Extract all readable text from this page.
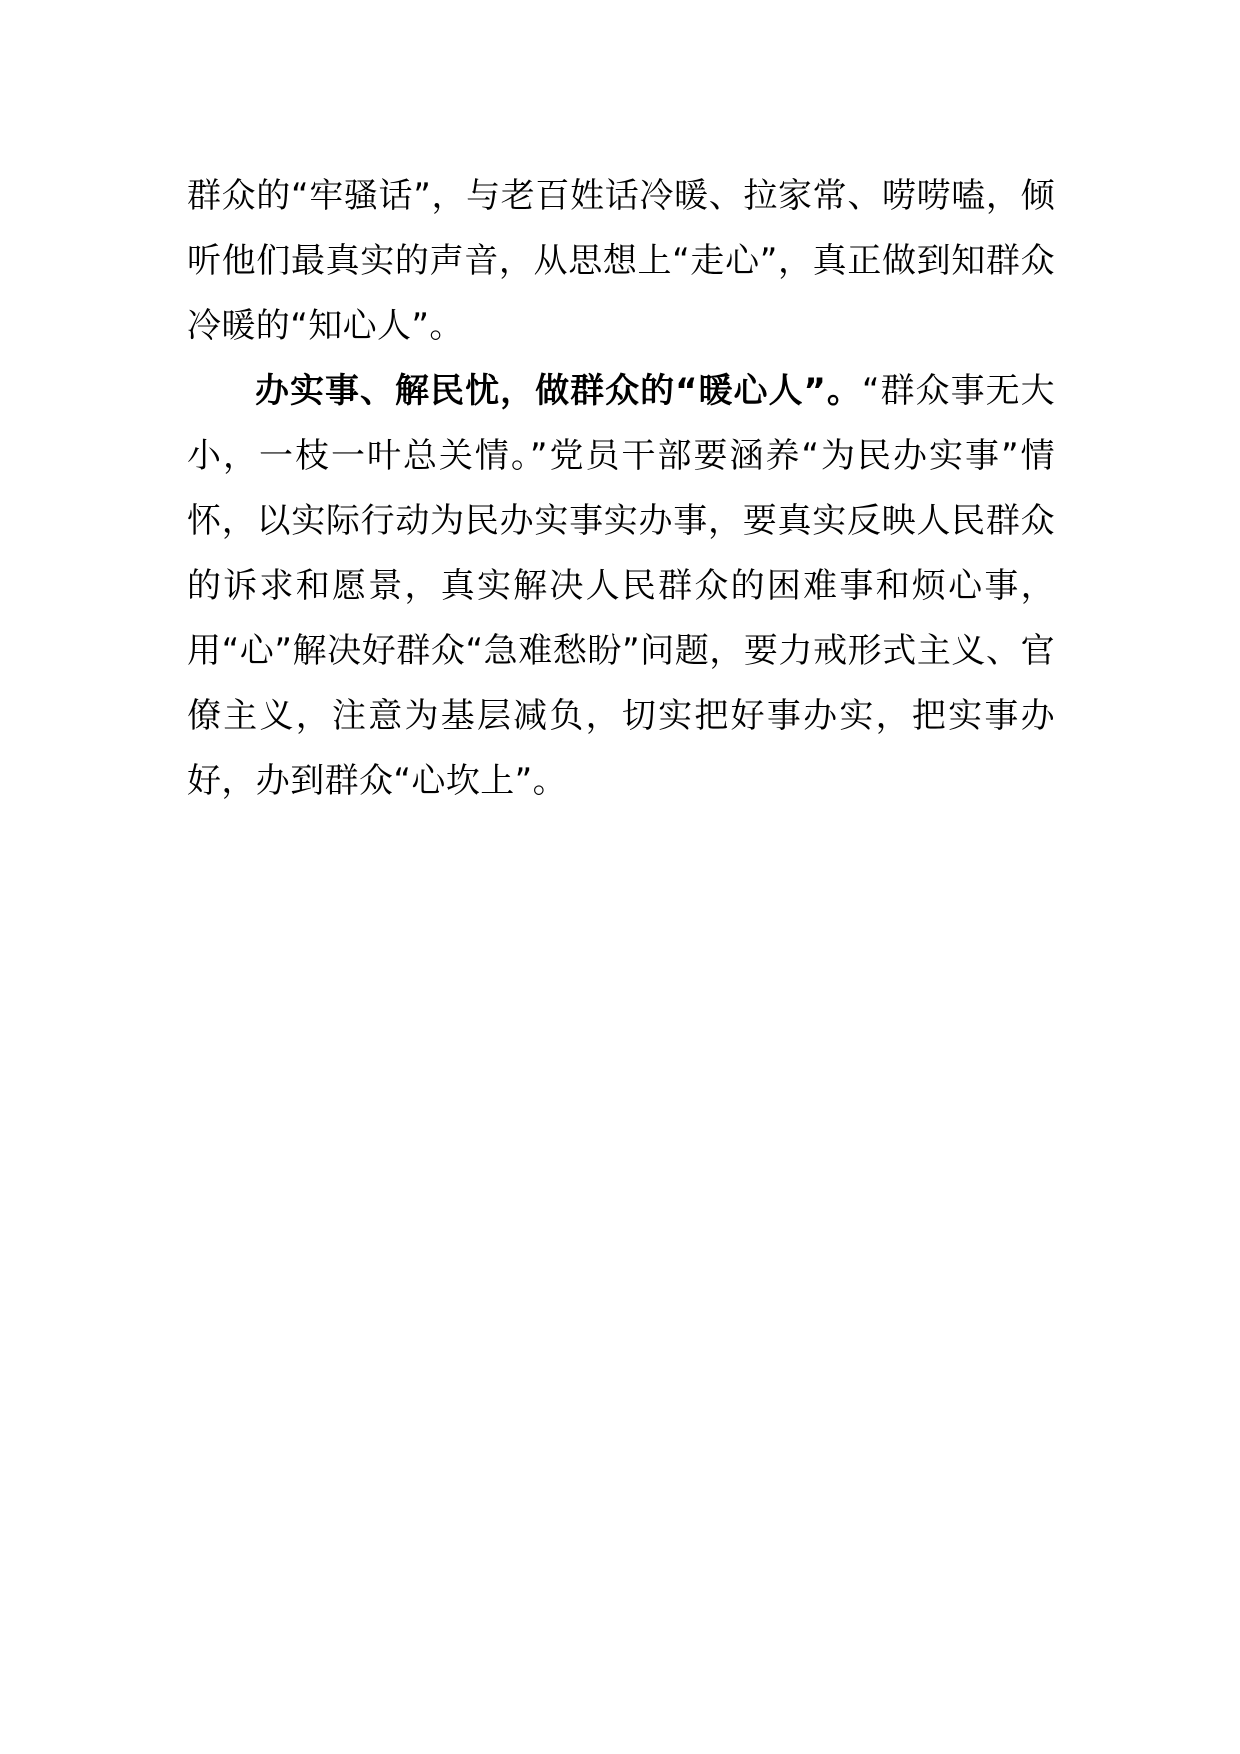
群众的“牢骚话”，与老百姓话冷暖、拉家常、唠唠嗑，倾听他们最真实的声音，从思想上“走心”，真正做到知群众冷暖的“知心人”。

办实事、解民忧，做群众的“暖心人”。“群众事无大小，一枝一叶总关情。”党员干部要涵养“为民办实事”情怀，以实际行动为民办实事实办事，要真实反映人民群众的诉求和愿景，真实解决人民群众的困难事和烦心事，用“心”解决好群众“急难愁盼”问题，要力戒形式主义、官僚主义，注意为基层减负，切实把好事办实，把实事办好，办到群众“心坎上”。
